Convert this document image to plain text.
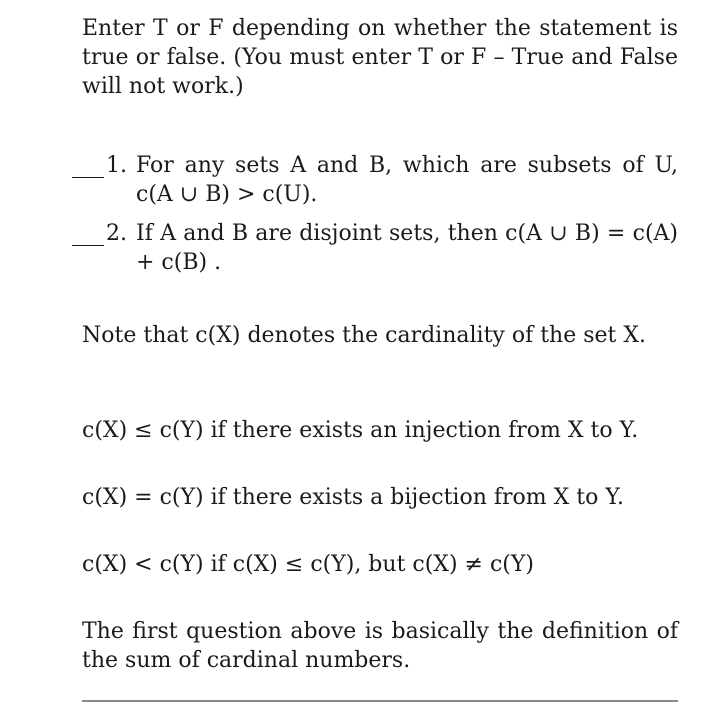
Enter T or F depending on whether the statement is true or false. (You must enter T or F – True and False will not work.)

1. For any sets A and B, which are subsets of U, c(A ∪ B) > c(U).
2. If A and B are disjoint sets, then c(A ∪ B) = c(A) + c(B) .

Note that c(X) denotes the cardinality of the set X.

c(X) ≤ c(Y) if there exists an injection from X to Y.

c(X) = c(Y) if there exists a bijection from X to Y.

c(X) < c(Y) if c(X) ≤ c(Y), but c(X) ≠ c(Y)

The first question above is basically the definition of the sum of cardinal numbers.
